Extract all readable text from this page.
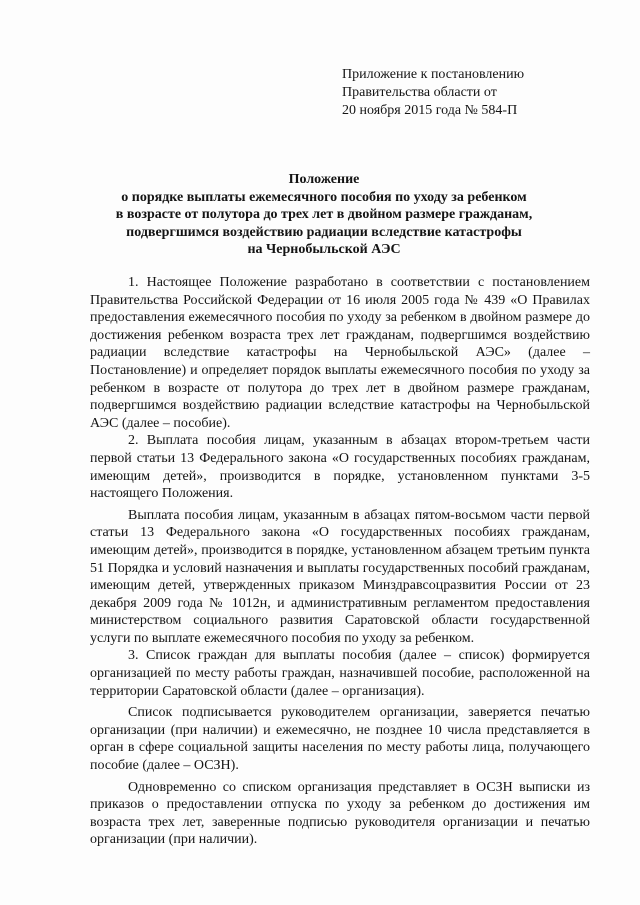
Приложение к постановлению
Правительства области от
20 ноября 2015 года № 584-П
Положение
о порядке выплаты ежемесячного пособия по уходу за ребенком
в возрасте от полутора до трех лет в двойном размере гражданам,
подвергшимся воздействию радиации вследствие катастрофы
на Чернобыльской АЭС

1. Настоящее Положение разработано в соответствии с постановлением Правительства Российской Федерации от 16 июля 2005 года № 439 «О Правилах предоставления ежемесячного пособия по уходу за ребенком в двойном размере до достижения ребенком возраста трех лет гражданам, подвергшимся воздействию радиации вследствие катастрофы на Чернобыльской АЭС» (далее – Постановление) и определяет порядок выплаты ежемесячного пособия по уходу за ребенком в возрасте от полутора до трех лет в двойном размере гражданам, подвергшимся воздействию радиации вследствие катастрофы на Чернобыльской АЭС (далее – пособие).

2. Выплата пособия лицам, указанным в абзацах втором-третьем части первой статьи 13 Федерального закона «О государственных пособиях гражданам, имеющим детей», производится в порядке, установленном пунктами 3-5 настоящего Положения.

Выплата пособия лицам, указанным в абзацах пятом-восьмом части первой статьи 13 Федерального закона «О государственных пособиях гражданам, имеющим детей», производится в порядке, установленном абзацем третьим пункта 51 Порядка и условий назначения и выплаты государственных пособий гражданам, имеющим детей, утвержденных приказом Минздравсоцразвития России от 23 декабря 2009 года № 1012н, и административным регламентом предоставления министерством социального развития Саратовской области государственной услуги по выплате ежемесячного пособия по уходу за ребенком.

3. Список граждан для выплаты пособия (далее – список) формируется организацией по месту работы граждан, назначившей пособие, расположенной на территории Саратовской области (далее – организация).

Список подписывается руководителем организации, заверяется печатью организации (при наличии) и ежемесячно, не позднее 10 числа представляется в орган в сфере социальной защиты населения по месту работы лица, получающего пособие (далее – ОСЗН).

Одновременно со списком организация представляет в ОСЗН выписки из приказов о предоставлении отпуска по уходу за ребенком до достижения им возраста трех лет, заверенные подписью руководителя организации и печатью организации (при наличии).
